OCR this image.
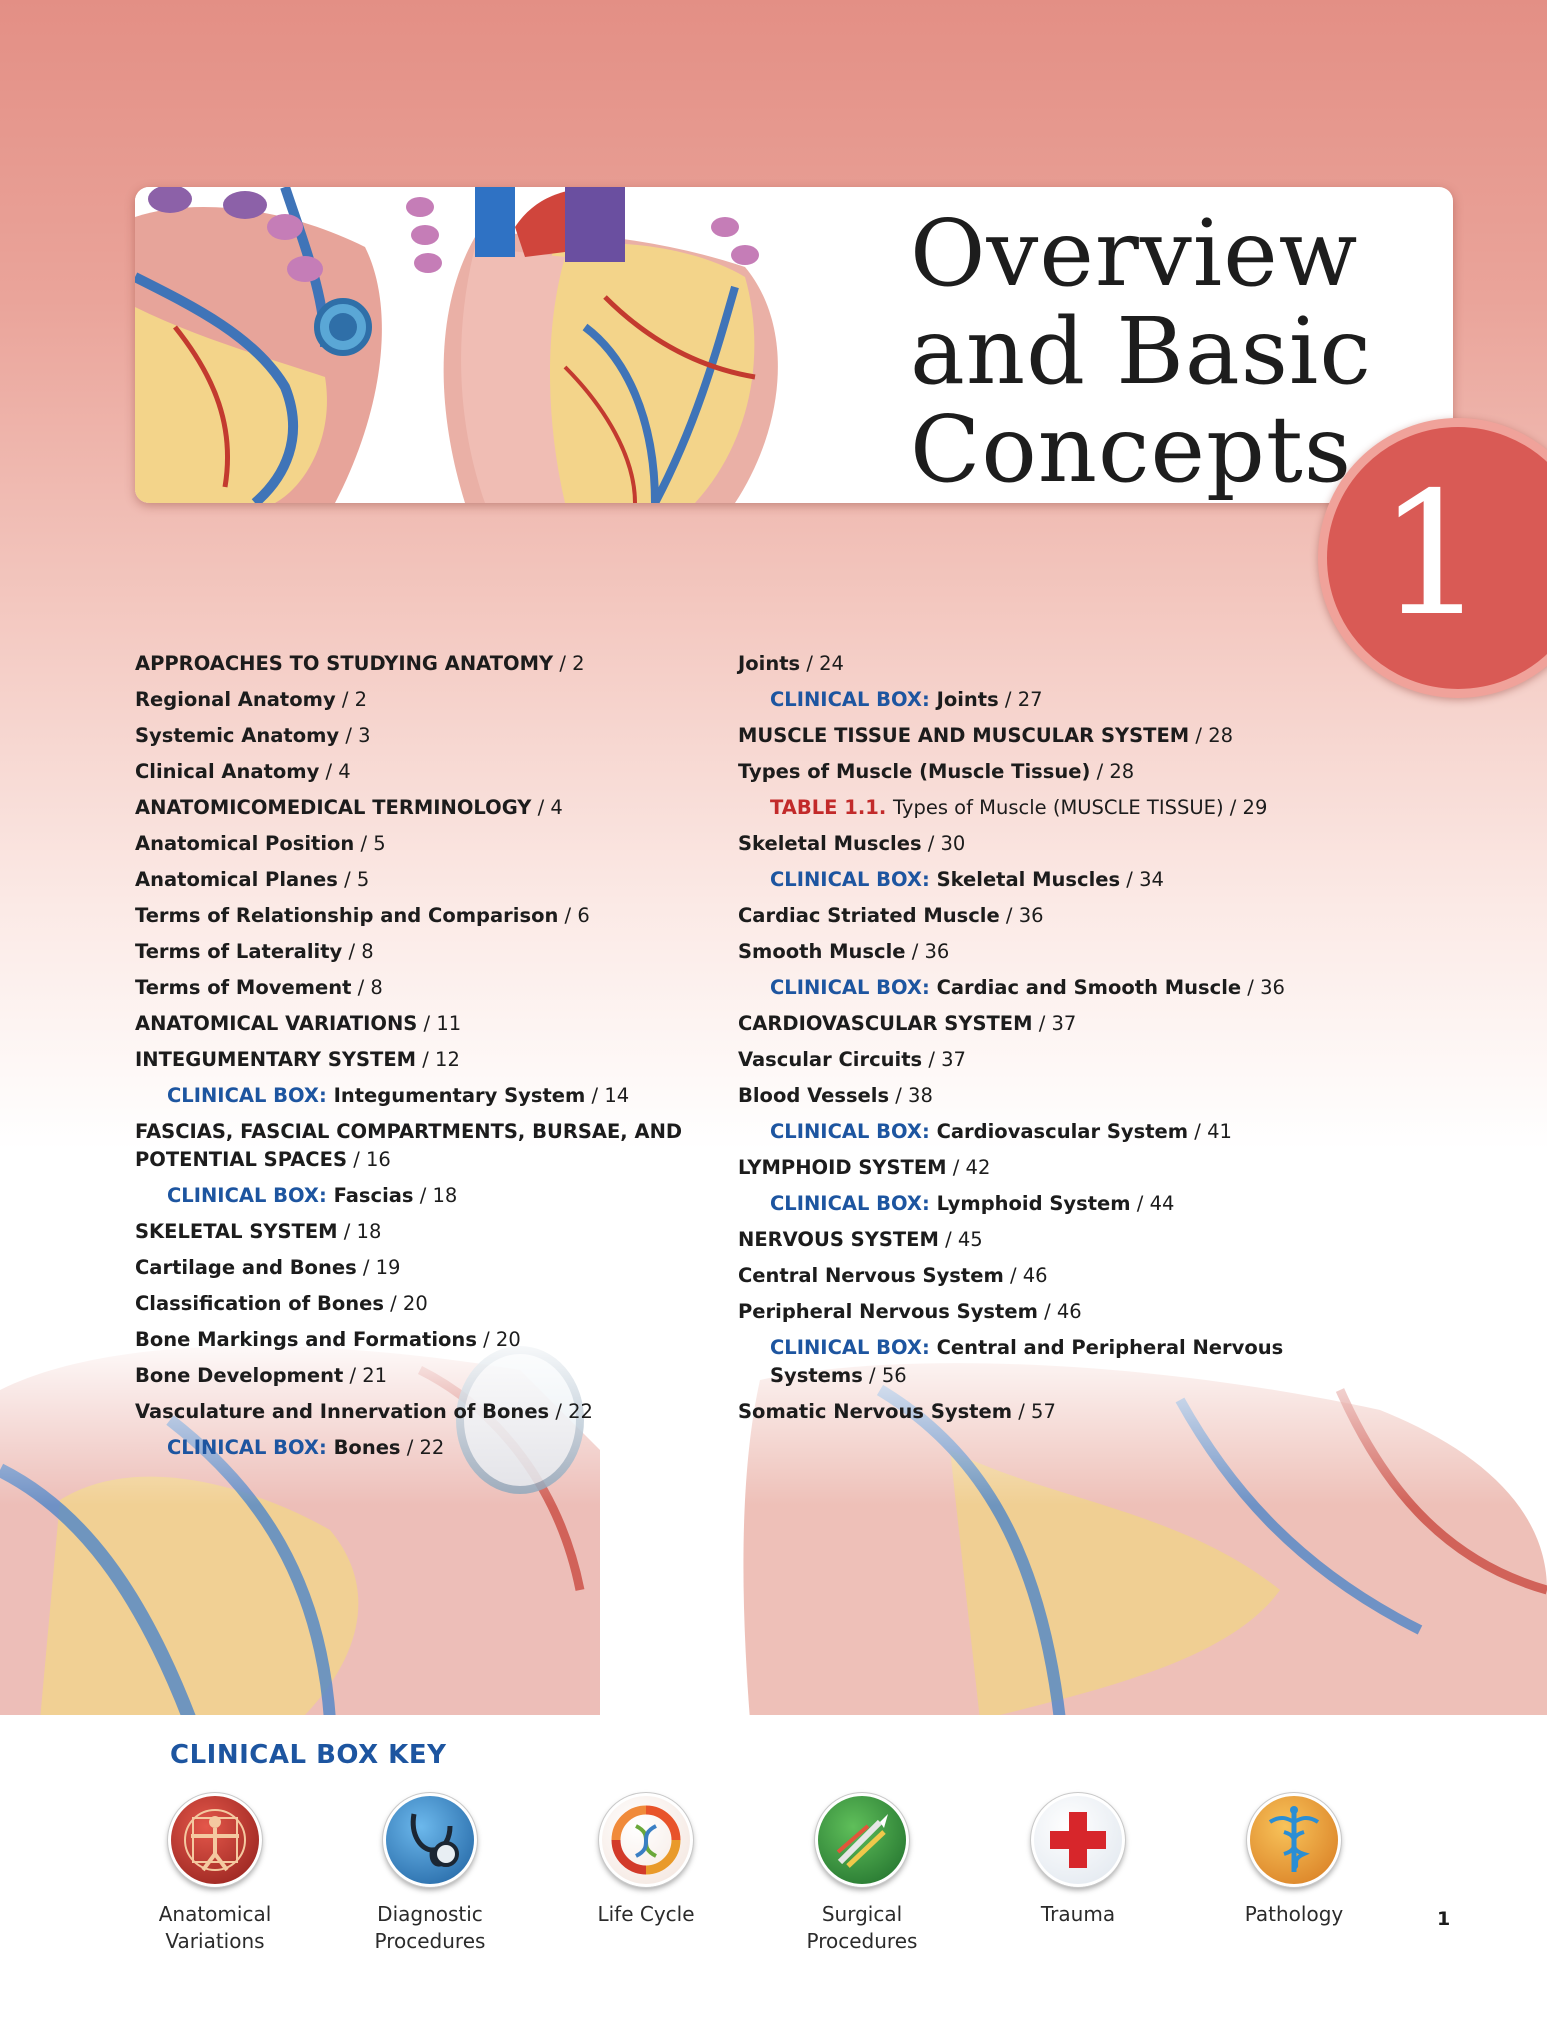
Overview
and Basic
Concepts
1
APPROACHES TO STUDYING ANATOMY / 2
Regional Anatomy / 2
Systemic Anatomy / 3
Clinical Anatomy / 4
ANATOMICOMEDICAL TERMINOLOGY / 4
Anatomical Position / 5
Anatomical Planes / 5
Terms of Relationship and Comparison / 6
Terms of Laterality / 8
Terms of Movement / 8
ANATOMICAL VARIATIONS / 11
INTEGUMENTARY SYSTEM / 12
CLINICAL BOX: Integumentary System / 14
FASCIAS, FASCIAL COMPARTMENTS, BURSAE, AND POTENTIAL SPACES / 16
CLINICAL BOX: Fascias / 18
SKELETAL SYSTEM / 18
Cartilage and Bones / 19
Classification of Bones / 20
Bone Markings and Formations / 20
Bone Development / 21
Vasculature and Innervation of Bones / 22
CLINICAL BOX: Bones / 22
Joints / 24
CLINICAL BOX: Joints / 27
MUSCLE TISSUE AND MUSCULAR SYSTEM / 28
Types of Muscle (Muscle Tissue) / 28
TABLE 1.1. Types of Muscle (MUSCLE TISSUE) / 29
Skeletal Muscles / 30
CLINICAL BOX: Skeletal Muscles / 34
Cardiac Striated Muscle / 36
Smooth Muscle / 36
CLINICAL BOX: Cardiac and Smooth Muscle / 36
CARDIOVASCULAR SYSTEM / 37
Vascular Circuits / 37
Blood Vessels / 38
CLINICAL BOX: Cardiovascular System / 41
LYMPHOID SYSTEM / 42
CLINICAL BOX: Lymphoid System / 44
NERVOUS SYSTEM / 45
Central Nervous System / 46
Peripheral Nervous System / 46
CLINICAL BOX: Central and Peripheral Nervous Systems / 56
Somatic Nervous System / 57
CLINICAL BOX KEY
Anatomical Variations
Diagnostic Procedures
Life Cycle	Surgical Procedures
Trauma	Pathology	1
